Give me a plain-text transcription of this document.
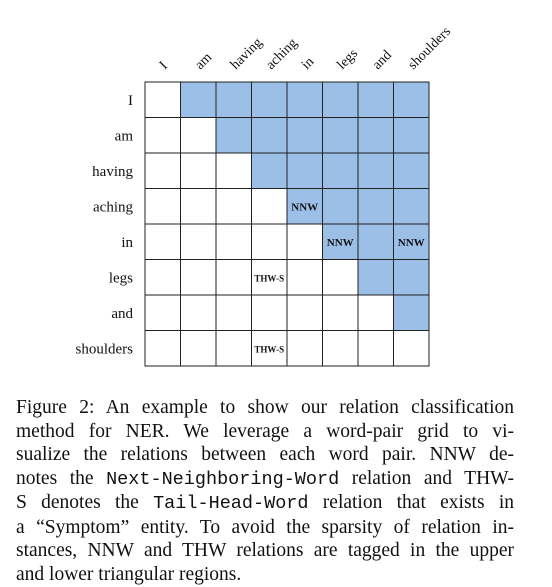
I am having
aching
in legs and shoulders
I
am
having
aching
in
legs
and
shoulders
NNW
NNW	NNW
THW-S
THW-S
Figure 2: An example to show our relation classification
method for NER. We leverage a word-pair grid to vi-
sualize the relations between each word pair. NNW de-
notes the Next-Neighboring-Word relation and THW-
S denotes the Tail-Head-Word relation that exists in
a “Symptom” entity. To avoid the sparsity of relation in-
stances, NNW and THW relations are tagged in the upper
and lower triangular regions.
